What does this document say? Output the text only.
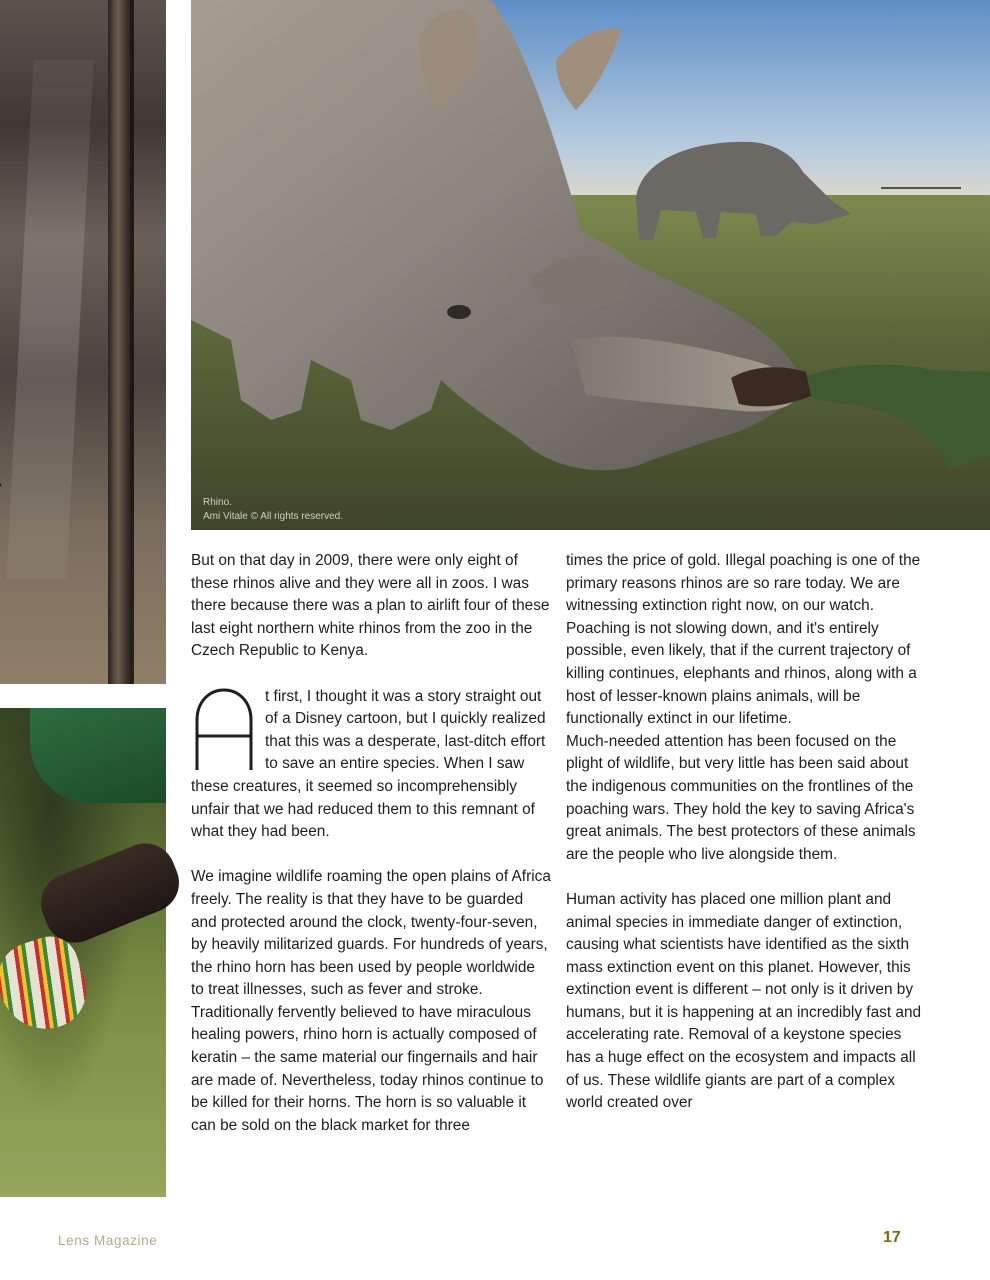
Rhino.
Ami Vitale © All rights reserved.

But on that day in 2009, there were only eight of these rhinos alive and they were all in zoos. I was there because there was a plan to airlift four of these last eight northern white rhinos from the zoo in the Czech Republic to Kenya.

t first, I thought it was a story straight out of a Disney cartoon, but I quickly realized that this was a desperate, last-ditch effort to save an entire species. When I saw these creatures, it seemed so incomprehensibly unfair that we had reduced them to this remnant of what they had been.

We imagine wildlife roaming the open plains of Africa freely. The reality is that they have to be guarded and protected around the clock, twenty-four-seven, by heavily militarized guards. For hundreds of years, the rhino horn has been used by people worldwide to treat illnesses, such as fever and stroke. Traditionally fervently believed to have miraculous healing powers, rhino horn is actually composed of keratin – the same material our fingernails and hair are made of. Nevertheless, today rhinos continue to be killed for their horns. The horn is so valuable it can be sold on the black market for three

times the price of gold. Illegal poaching is one of the primary reasons rhinos are so rare today. We are witnessing extinction right now, on our watch.

Poaching is not slowing down, and it's entirely possible, even likely, that if the current trajectory of killing continues, elephants and rhinos, along with a host of lesser-known plains animals, will be functionally extinct in our lifetime.

Much-needed attention has been focused on the plight of wildlife, but very little has been said about the indigenous communities on the frontlines of the poaching wars. They hold the key to saving Africa's great animals. The best protectors of these animals are the people who live alongside them.

Human activity has placed one million plant and animal species in immediate danger of extinction, causing what scientists have identified as the sixth mass extinction event on this planet. However, this extinction event is different – not only is it driven by humans, but it is happening at an incredibly fast and accelerating rate. Removal of a keystone species has a huge effect on the ecosystem and impacts all of us. These wildlife giants are part of a complex world created over

Lens Magazine	17
